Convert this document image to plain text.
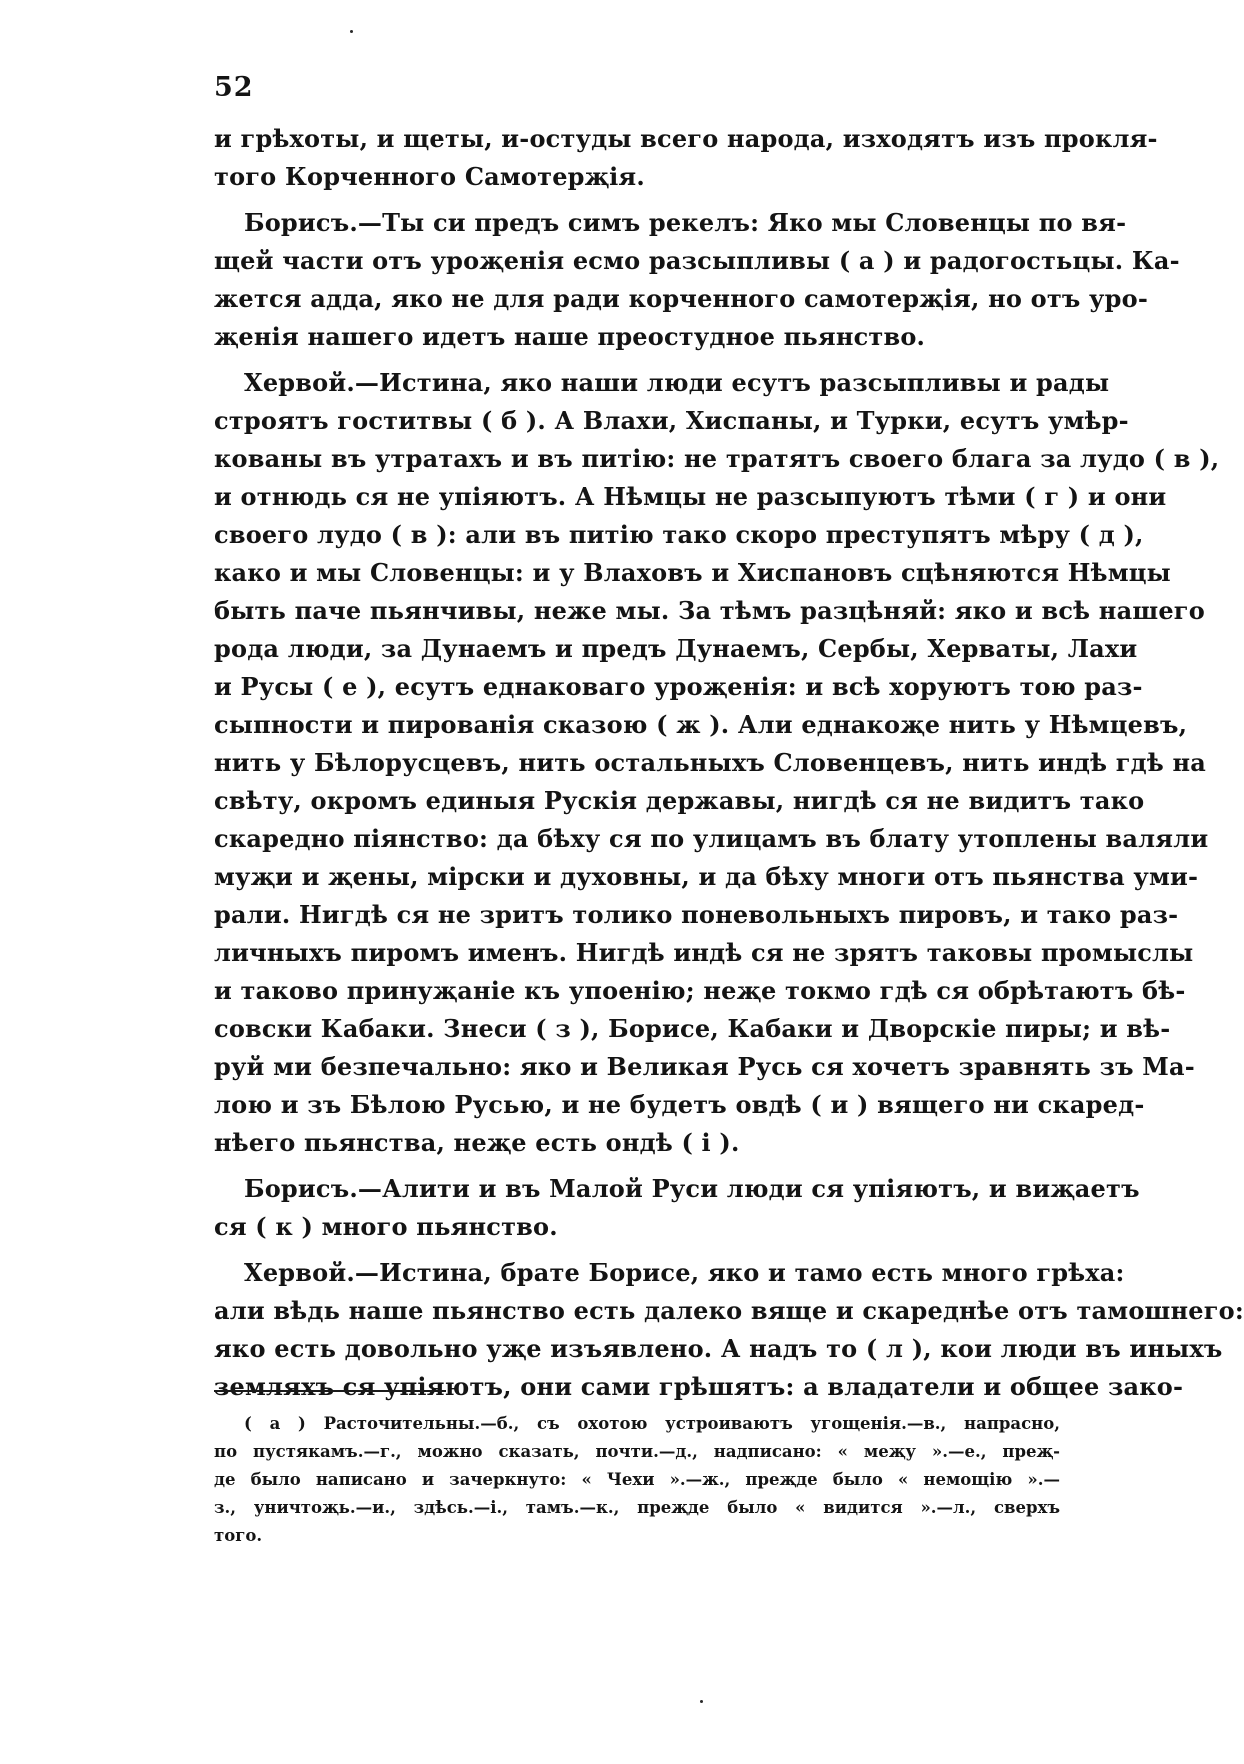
52
и грѣхоты, и щеты, и-остуды всего народа, изходятъ изъ прокля-
того Корченного Самотерҗія.
Борисъ.—Ты си предъ симъ рекелъ: Яко мы Словенцы по вя-
щей части отъ уроҗенія есмо разсыпливы ( а ) и радогостьцы. Ка-
жется адда, яко не для ради корченного самотерҗія, но отъ уро-
җенія нашего идетъ наше преостудное пьянство.
Хервой.—Истина, яко наши люди есутъ разсыпливы и рады
строятъ гоститвы ( б ). А Влахи, Хиспаны, и Турки, есутъ умѣр-
кованы въ утратахъ и въ питію: не тратятъ своего блага за лудо ( в ),
и отнюдь ся не упіяютъ. А Нѣмцы не разсыпуютъ тѣми ( г ) и они
своего лудо ( в ): али въ питію тако скоро преступятъ мѣру ( д ),
како и мы Словенцы: и у Влаховъ и Хиспановъ сцѣняются Нѣмцы
быть паче пьянчивы, неже мы. За тѣмъ разцѣняй: яко и всѣ нашего
рода люди, за Дунаемъ и предъ Дунаемъ, Сербы, Херваты, Лахи
и Русы ( е ), есутъ еднаковаго уроҗенія: и всѣ хоруютъ тою раз-
сыпности и пированія сказою ( ж ). Али еднакоҗе нить у Нѣмцевъ,
нить у Бѣлорусцевъ, нить остальныхъ Словенцевъ, нить индѣ гдѣ на
свѣту, окромъ единыя Рускія державы, нигдѣ ся не видитъ тако
скаредно піянство: да бѣху ся по улицамъ въ блату утоплены валяли
муҗи и җены, мірски и духовны, и да бѣху многи отъ пьянства уми-
рали. Нигдѣ ся не зритъ толико поневольныхъ пировъ, и тако раз-
личныхъ пиромъ именъ. Нигдѣ индѣ ся не зрятъ таковы промыслы
и таково принуҗаніе къ упоенію; неҗе токмо гдѣ ся обрѣтаютъ бѣ-
совски Кабаки. Знеси ( з ), Борисе, Кабаки и Дворскіе пиры; и вѣ-
руй ми безпечально: яко и Великая Русь ся хочетъ зравнять зъ Ма-
лою и зъ Бѣлою Русью, и не будетъ овдѣ ( и ) вящего ни скаред-
нѣего пьянства, неҗе есть ондѣ ( і ).
Борисъ.—Алити и въ Малой Руси люди ся упіяютъ, и виҗаетъ
ся ( к ) много пьянство.
Хервой.—Истина, брате Борисе, яко и тамо есть много грѣха:
али вѣдь наше пьянство есть далеко вяще и скареднѣе отъ тамошнего:
яко есть довольно уҗе изъявлено. А надъ то ( л ), кои люди въ иныхъ
земляхъ ся упіяютъ, они сами грѣшятъ: а владатели и общее зако-
( а ) Расточительны.—б., съ охотою устроиваютъ угощенія.—в., напрасно,
по пустякамъ.—г., можно сказать, почти.—д., надписано: « меҗу ».—е., преҗ-
де было написано и зачеркнуто: « Чехи ».—ж., преҗде было « немощію ».—
з., уничтоҗь.—и., здѣсь.—і., тамъ.—к., преҗде было « видится ».—л., сверхъ
того.
